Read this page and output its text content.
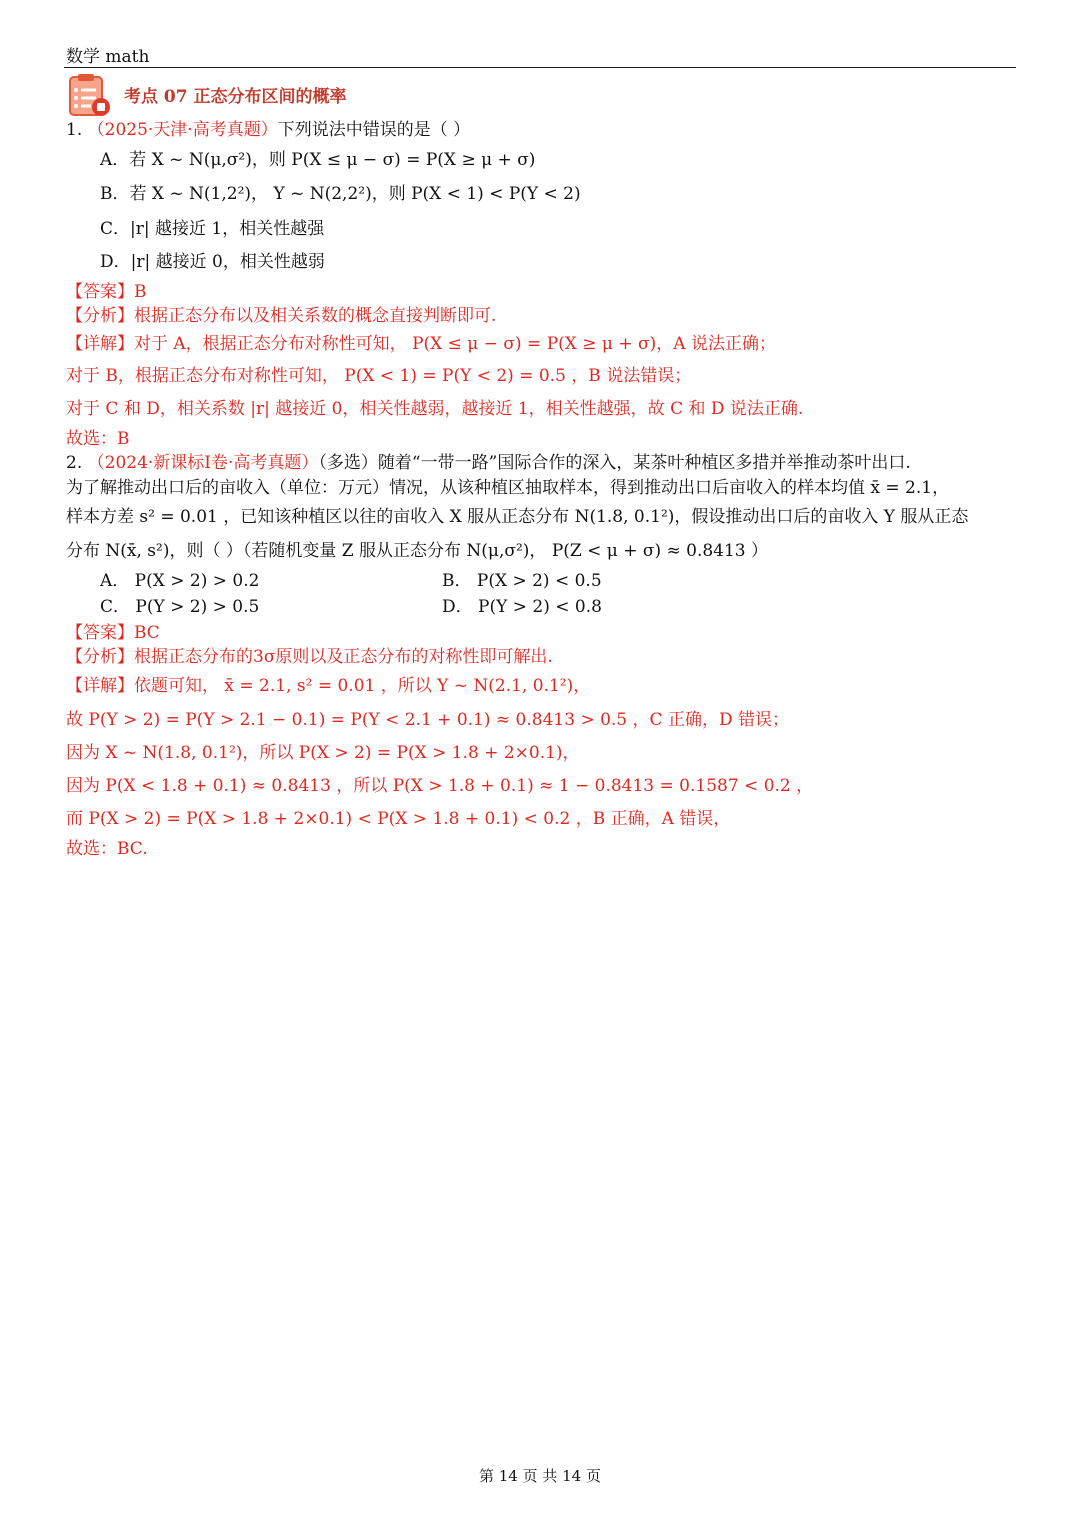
数学 math
考点 07 正态分布区间的概率
1. （2025·天津·高考真题）下列说法中错误的是（ ）
A．若 X ~ N(μ,σ²)，则 P(X ≤ μ − σ) = P(X ≥ μ + σ)
B．若 X ~ N(1,2²)， Y ~ N(2,2²)，则 P(X < 1) < P(Y < 2)
C．|r| 越接近 1，相关性越强
D．|r| 越接近 0，相关性越弱
【答案】B
【分析】根据正态分布以及相关系数的概念直接判断即可.
【详解】对于 A，根据正态分布对称性可知， P(X ≤ μ − σ) = P(X ≥ μ + σ)，A 说法正确；
对于 B，根据正态分布对称性可知， P(X < 1) = P(Y < 2) = 0.5 ，B 说法错误；
对于 C 和 D，相关系数 |r| 越接近 0，相关性越弱，越接近 1，相关性越强，故 C 和 D 说法正确.
故选：B
2. （2024·新课标Ⅰ卷·高考真题）（多选）随着“一带一路”国际合作的深入，某茶叶种植区多措并举推动茶叶出口.
为了解推动出口后的亩收入（单位：万元）情况，从该种植区抽取样本，得到推动出口后亩收入的样本均值 x̄ = 2.1，
样本方差 s² = 0.01 ，已知该种植区以往的亩收入 X 服从正态分布 N(1.8, 0.1²)，假设推动出口后的亩收入 Y 服从正态
分布 N(x̄, s²)，则（ ）（若随机变量 Z 服从正态分布 N(μ,σ²)， P(Z < μ + σ) ≈ 0.8413 ）
A． P(X > 2) > 0.2	B． P(X > 2) < 0.5
C． P(Y > 2) > 0.5	D． P(Y > 2) < 0.8
【答案】BC
【分析】根据正态分布的3σ原则以及正态分布的对称性即可解出.
【详解】依题可知， x̄ = 2.1, s² = 0.01 ，所以 Y ~ N(2.1, 0.1²)，
故 P(Y > 2) = P(Y > 2.1 − 0.1) = P(Y < 2.1 + 0.1) ≈ 0.8413 > 0.5 ，C 正确，D 错误；
因为 X ~ N(1.8, 0.1²)，所以 P(X > 2) = P(X > 1.8 + 2×0.1)，
因为 P(X < 1.8 + 0.1) ≈ 0.8413 ，所以 P(X > 1.8 + 0.1) ≈ 1 − 0.8413 = 0.1587 < 0.2 ，
而 P(X > 2) = P(X > 1.8 + 2×0.1) < P(X > 1.8 + 0.1) < 0.2 ，B 正确，A 错误，
故选：BC.
第 14 页 共 14 页
